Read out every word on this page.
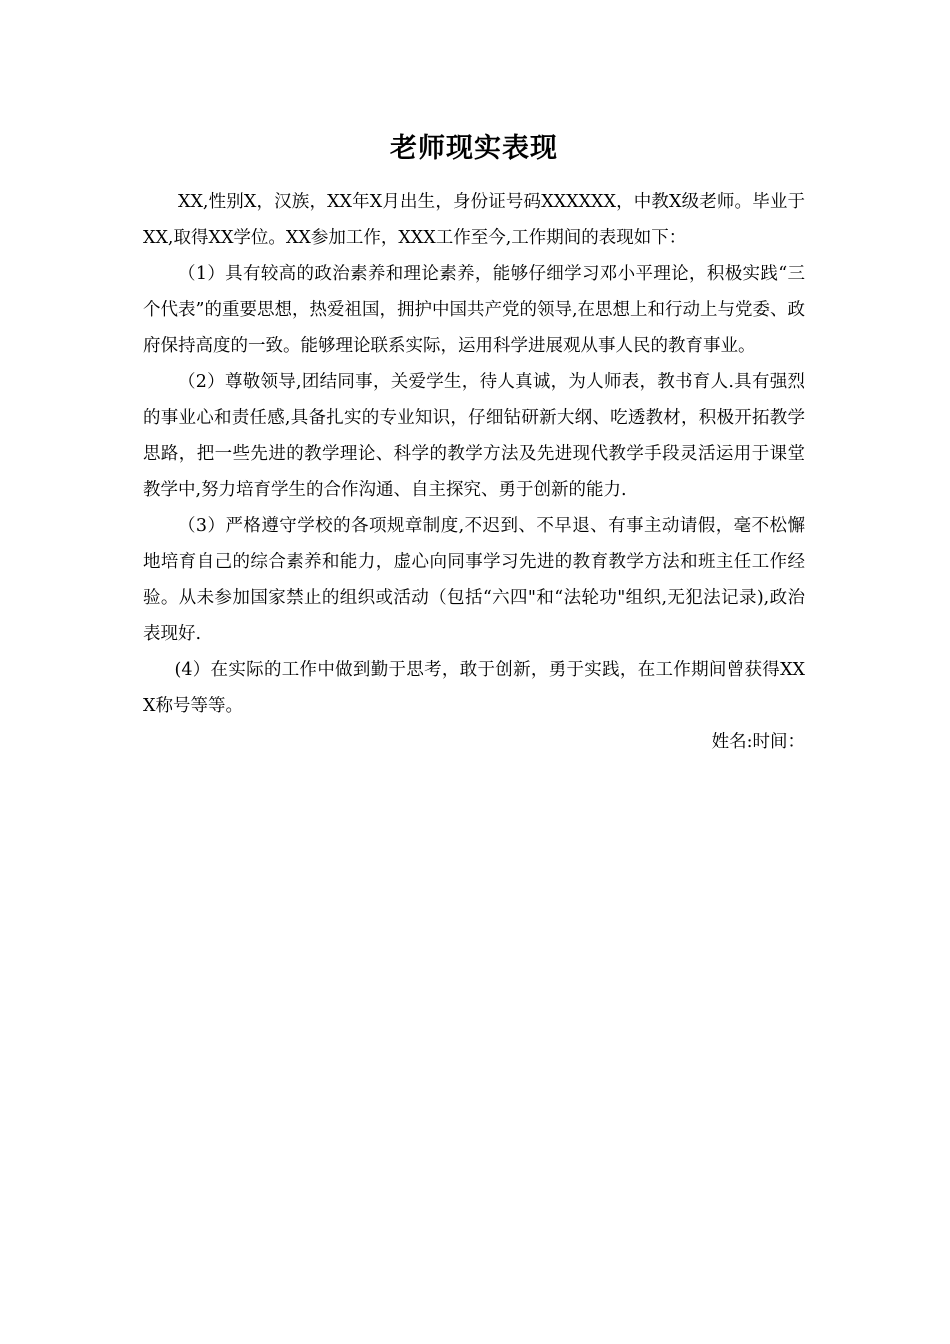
老师现实表现

XX,性别X，汉族，XX年X月出生，身份证号码XXXXXX，中教X级老师。毕业于XX,取得XX学位。XX参加工作，XXX工作至今,工作期间的表现如下：

（1）具有较高的政治素养和理论素养，能够仔细学习邓小平理论，积极实践“三个代表”的重要思想，热爱祖国，拥护中国共产党的领导,在思想上和行动上与党委、政府保持高度的一致。能够理论联系实际，运用科学进展观从事人民的教育事业。

（2）尊敬领导,团结同事，关爱学生，待人真诚，为人师表，教书育人.具有强烈的事业心和责任感,具备扎实的专业知识，仔细钻研新大纲、吃透教材，积极开拓教学思路，把一些先进的教学理论、科学的教学方法及先进现代教学手段灵活运用于课堂教学中,努力培育学生的合作沟通、自主探究、勇于创新的能力.

（3）严格遵守学校的各项规章制度,不迟到、不早退、有事主动请假，毫不松懈地培育自己的综合素养和能力，虚心向同事学习先进的教育教学方法和班主任工作经验。从未参加国家禁止的组织或活动（包括“六四"和“法轮功"组织,无犯法记录),政治表现好.

(4）在实际的工作中做到勤于思考，敢于创新，勇于实践，在工作期间曾获得XXX称号等等。

姓名:时间：
